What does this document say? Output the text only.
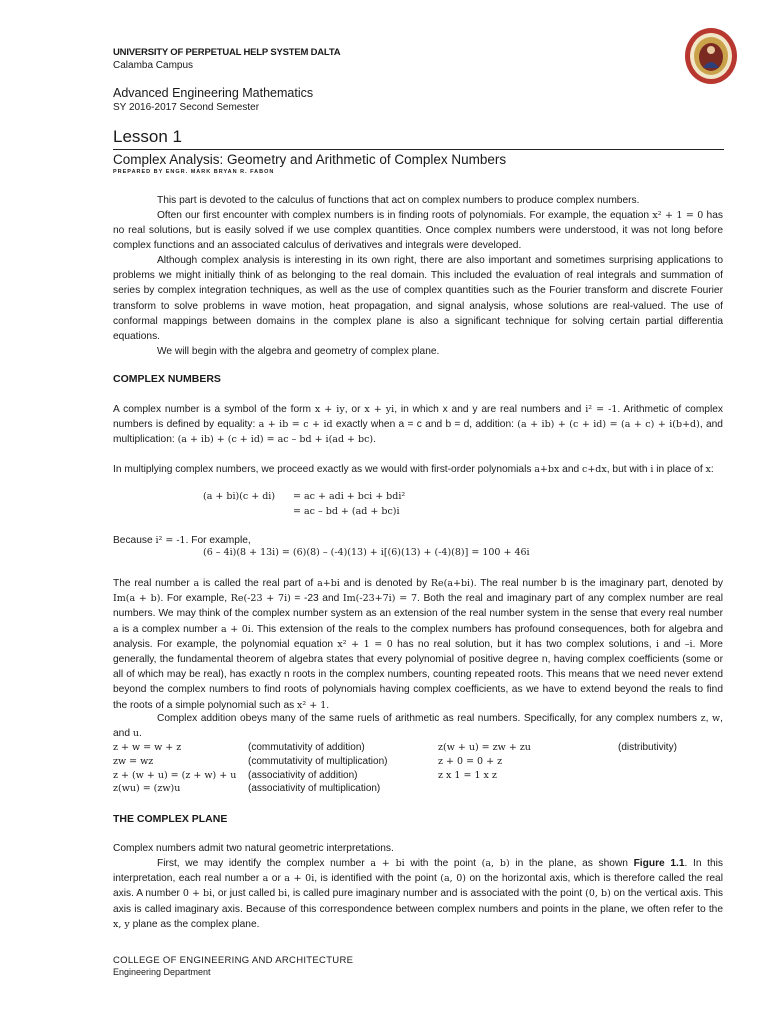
UNIVERSITY OF PERPETUAL HELP SYSTEM DALTA
Calamba Campus
Advanced Engineering Mathematics
SY 2016-2017 Second Semester
Lesson 1
Complex Analysis: Geometry and Arithmetic of Complex Numbers
PREPARED BY ENGR. MARK BRYAN R. FABON
This part is devoted to the calculus of functions that act on complex numbers to produce complex numbers.
Often our first encounter with complex numbers is in finding roots of polynomials. For example, the equation x² + 1 = 0 has no real solutions, but is easily solved if we use complex quantities. Once complex numbers were understood, it was not long before complex functions and an associated calculus of derivatives and integrals were developed.
Although complex analysis is interesting in its own right, there are also important and sometimes surprising applications to problems we might initially think of as belonging to the real domain. This included the evaluation of real integrals and summation of series by complex integration techniques, as well as the use of complex quantities such as the Fourier transform and discrete Fourier transform to solve problems in wave motion, heat propagation, and signal analysis, whose solutions are real-valued. The use of conformal mappings between domains in the complex plane is also a significant technique for solving certain partial differentia equations.
We will begin with the algebra and geometry of complex plane.
COMPLEX NUMBERS
A complex number is a symbol of the form x + iy, or x + yi, in which x and y are real numbers and i² = -1. Arithmetic of complex numbers is defined by equality: a + ib = c + id exactly when a = c and b = d, addition: (a + ib) + (c + id) = (a + c) + i(b+d), and multiplication: (a + ib) + (c + id) = ac – bd + i(ad + bc).
In multiplying complex numbers, we proceed exactly as we would with first-order polynomials a+bx and c+dx, but with i in place of x:
(a + bi)(c + di) = ac + adi + bci + bdi²
= ac – bd + (ad + bc)i
Because i² = -1. For example,
(6 – 4i)(8 + 13i) = (6)(8) – (-4)(13) + i[(6)(13) + (-4)(8)] = 100 + 46i
The real number a is called the real part of a+bi and is denoted by Re(a+bi). The real number b is the imaginary part, denoted by Im(a + b). For example, Re(-23 + 7i) = -23 and Im(-23+7i) = 7. Both the real and imaginary part of any complex number are real numbers. We may think of the complex number system as an extension of the real number system in the sense that every real number a is a complex number a + 0i. This extension of the reals to the complex numbers has profound consequences, both for algebra and analysis. For example, the polynomial equation x² + 1 = 0 has no real solution, but it has two complex solutions, i and –i. More generally, the fundamental theorem of algebra states that every polynomial of positive degree n, having complex coefficients (some or all of which may be real), has exactly n roots in the complex numbers, counting repeated roots. This means that we need never extend beyond the complex numbers to find roots of polynomials having complex coefficients, as we have to extend beyond the reals to find the roots of a simple polynomial such as x² + 1.
Complex addition obeys many of the same ruels of arithmetic as real numbers. Specifically, for any complex numbers z, w, and u.
z + w = w + z
zw = wz
z + (w + u) = (z + w) + u
z(wu) = (zw)u
(commutativity of addition)
(commutativity of multiplication)
(associativity of addition)
(associativity of multiplication)
z(w + u) = zw + zu
z + 0 = 0 + z
z x 1 = 1 x z
(distributivity)
THE COMPLEX PLANE
Complex numbers admit two natural geometric interpretations.
First, we may identify the complex number a + bi with the point (a, b) in the plane, as shown Figure 1.1. In this interpretation, each real number a or a + 0i, is identified with the point (a, 0) on the horizontal axis, which is therefore called the real axis. A number 0 + bi, or just called bi, is called pure imaginary number and is associated with the point (0, b) on the vertical axis. This axis is called imaginary axis. Because of this correspondence between complex numbers and points in the plane, we often refer to the x, y plane as the complex plane.
COLLEGE OF ENGINEERING AND ARCHITECTURE
Engineering Department
